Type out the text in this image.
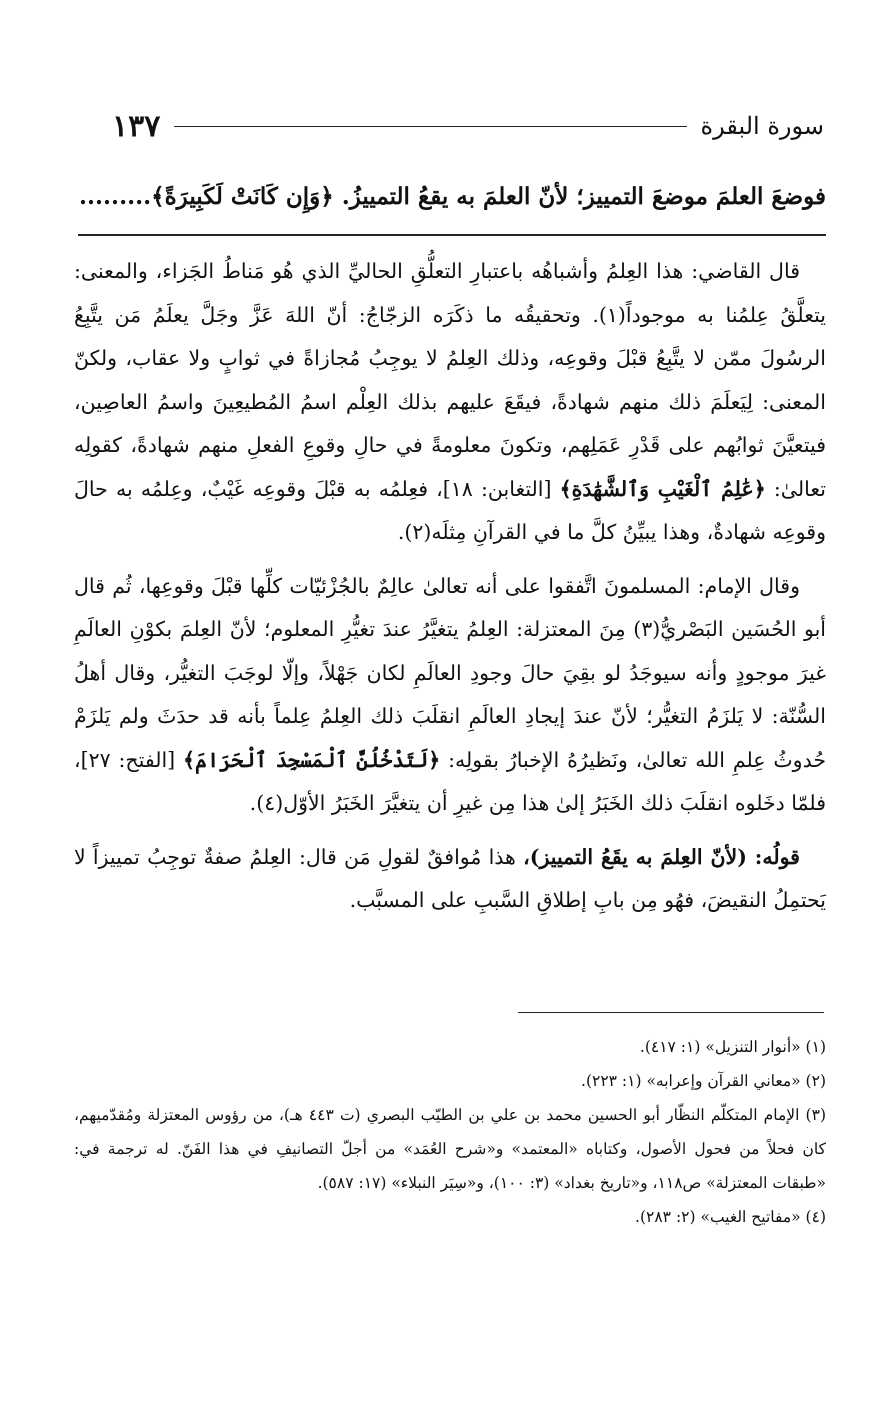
سورة البقرة
١٣٧
فوضعَ العلمَ موضعَ التمييز؛ لأنّ العلمَ به يقعُ التمييزُ. ﴿وَإِن كَانَتْ لَكَبِيرَةً﴾.........

قال القاضي: هذا العِلمُ وأشباهُه باعتبارِ التعلُّقِ الحاليِّ الذي هُو مَناطُ الجَزاء، والمعنى: يتعلَّقُ عِلمُنا به موجوداً(١). وتحقيقُه ما ذكَرَه الزجّاجُ: أنّ اللهَ عَزَّ وجَلَّ يعلَمُ مَن يتَّبِعُ الرسُولَ ممّن لا يتَّبِعُ قبْلَ وقوعِه، وذلك العِلمُ لا يوجِبُ مُجازاةً في ثوابٍ ولا عقاب، ولكنّ المعنى: لِيَعلَمَ ذلك منهم شهادةً، فيقَعَ عليهم بذلك العِلْم اسمُ المُطيعِينَ واسمُ العاصِين، فيتعيَّنَ ثوابُهم على قَدْرِ عَمَلِهم، وتكونَ معلومةً في حالِ وقوعِ الفعلِ منهم شهادةً، كقولِه تعالىٰ: ﴿عَٰلِمُ ٱلْغَيْبِ وَٱلشَّهَٰدَةِ﴾ [التغابن: ١٨]، فعِلمُه به قبْلَ وقوعِه غَيْبٌ، وعِلمُه به حالَ وقوعِه شهادةٌ، وهذا يبيِّنُ كلَّ ما في القرآنِ مِثلَه(٢).

وقال الإمام: المسلمونَ اتَّفقوا على أنه تعالىٰ عالِمٌ بالجُزْئيّات كلِّها قبْلَ وقوعِها، ثُم قال أبو الحُسَين البَصْريُّ(٣) مِنَ المعتزلة: العِلمُ يتغيَّرُ عندَ تغيُّرِ المعلوم؛ لأنّ العِلمَ بكوْنِ العالَمِ غيرَ موجودٍ وأنه سيوجَدُ لو بقِيَ حالَ وجودِ العالَمِ لكان جَهْلاً، وإلّا لوجَبَ التغيُّر، وقال أهلُ السُّنّة: لا يَلزَمُ التغيُّر؛ لأنّ عندَ إيجادِ العالَمِ انقلَبَ ذلك العِلمُ عِلماً بأنه قد حدَثَ ولم يَلزَمْ حُدوثُ عِلمِ الله تعالىٰ، ونَظيرُهُ الإخبارُ بقولِه: ﴿لَتَدْخُلُنَّ ٱلْمَسْجِدَ ٱلْحَرَامَ﴾ [الفتح: ٢٧]، فلمّا دخَلوه انقلَبَ ذلك الخَبَرُ إلىٰ هذا مِن غيرِ أن يتغيَّرَ الخَبَرُ الأوّل(٤).

قولُه: (لأنّ العِلمَ به يقَعُ التمييز)، هذا مُوافقٌ لقولِ مَن قال: العِلمُ صفةٌ توجِبُ تمييزاً لا يَحتمِلُ النقيضَ، فهُو مِن بابِ إطلاقِ السَّببِ على المسبَّب.

(١) «أنوار التنزيل» (١: ٤١٧).

(٢) «معاني القرآن وإعرابه» (١: ٢٢٣).

(٣) الإمام المتكلّم النظّار أبو الحسين محمد بن علي بن الطيّب البصري (ت ٤٤٣ هـ)، من رؤوس المعتزلة ومُقدّميهم، كان فحلاً من فحول الأصول، وكتاباه «المعتمد» و«شرح العُمَد» من أجلّ التصانيفِ في هذا الفَنّ. له ترجمة في: «طبقات المعتزلة» ص١١٨، و«تاريخ بغداد» (٣: ١٠٠)، و«سِيَر النبلاء» (١٧: ٥٨٧).

(٤) «مفاتيح الغيب» (٢: ٢٨٣).
